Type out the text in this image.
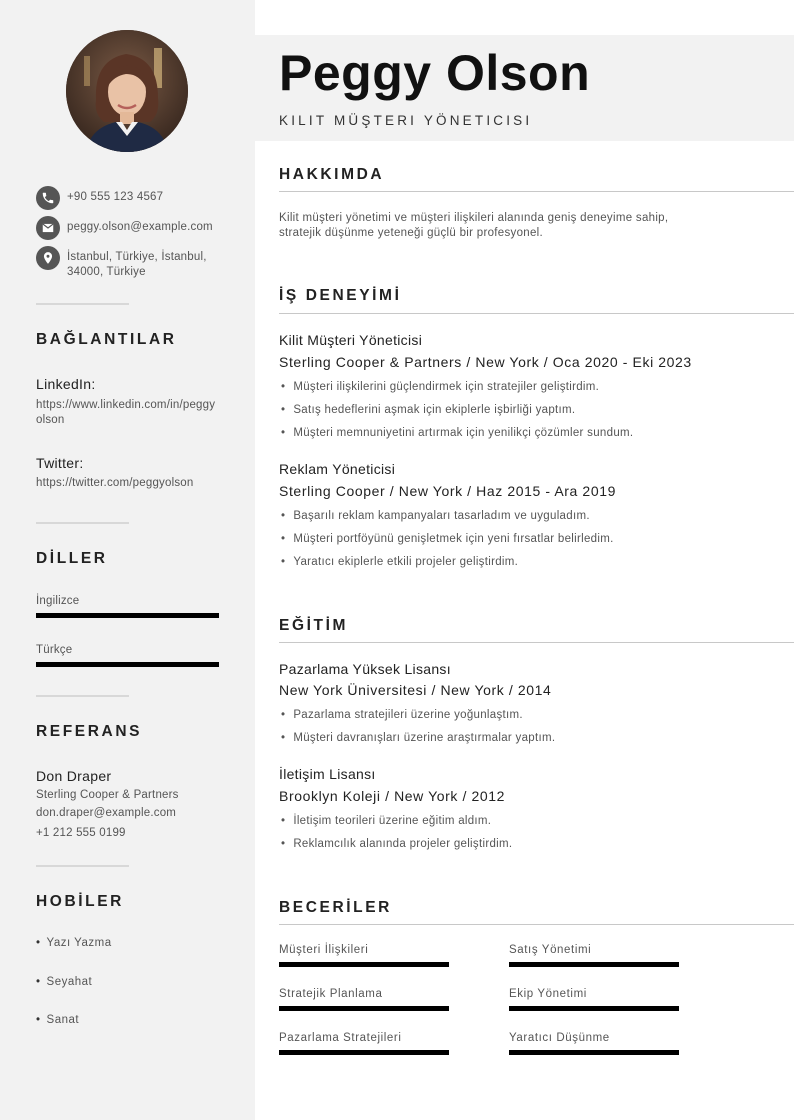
+90 555 123 4567
peggy.olson@example.com
İstanbul, Türkiye, İstanbul,
34000, Türkiye
BAĞLANTILAR
LinkedIn:
https://www.linkedin.com/in/peggy
olson
Twitter:
https://twitter.com/peggyolson
DİLLER
İngilizce
Türkçe
REFERANS
Don Draper
Sterling Cooper & Partners
don.draper@example.com
+1 212 555 0199
HOBİLER
• Yazı Yazma
• Seyahat
• Sanat
Peggy Olson
KILIT MÜŞTERI YÖNETICISI
HAKKIMDA
Kilit müşteri yönetimi ve müşteri ilişkileri alanında geniş deneyime sahip,
stratejik düşünme yeteneği güçlü bir profesyonel.
İŞ DENEYİMİ
Kilit Müşteri Yöneticisi
Sterling Cooper & Partners / New York / Oca 2020 - Eki 2023
• Müşteri ilişkilerini güçlendirmek için stratejiler geliştirdim.
• Satış hedeflerini aşmak için ekiplerle işbirliği yaptım.
• Müşteri memnuniyetini artırmak için yenilikçi çözümler sundum.
Reklam Yöneticisi
Sterling Cooper / New York / Haz 2015 - Ara 2019
• Başarılı reklam kampanyaları tasarladım ve uyguladım.
• Müşteri portföyünü genişletmek için yeni fırsatlar belirledim.
• Yaratıcı ekiplerle etkili projeler geliştirdim.
EĞİTİM
Pazarlama Yüksek Lisansı
New York Üniversitesi / New York / 2014
• Pazarlama stratejileri üzerine yoğunlaştım.
• Müşteri davranışları üzerine araştırmalar yaptım.
İletişim Lisansı
Brooklyn Koleji / New York / 2012
• İletişim teorileri üzerine eğitim aldım.
• Reklamcılık alanında projeler geliştirdim.
BECERİLER
Müşteri İlişkileri	Satış Yönetimi
Stratejik Planlama	Ekip Yönetimi
Pazarlama Stratejileri	Yaratıcı Düşünme
